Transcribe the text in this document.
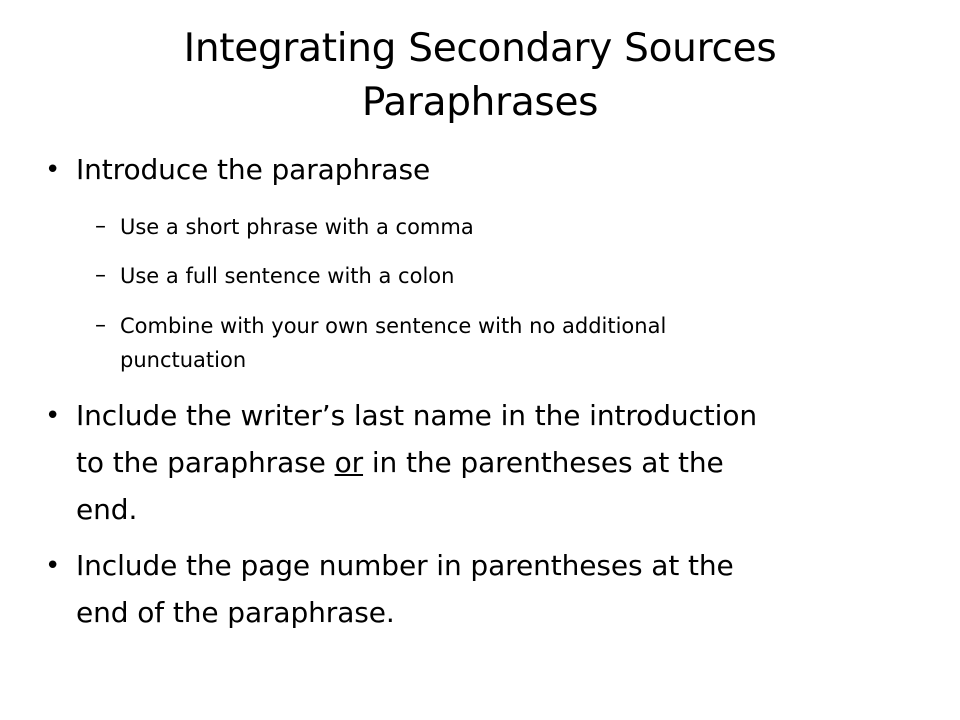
Integrating Secondary Sources
Paraphrases
• Introduce the paraphrase
– Use a short phrase with a comma
– Use a full sentence with a colon
– Combine with your own sentence with no additional
punctuation
• Include the writer’s last name in the introduction
to the paraphrase or in the parentheses at the
end.
• Include the page number in parentheses at the
end of the paraphrase.
